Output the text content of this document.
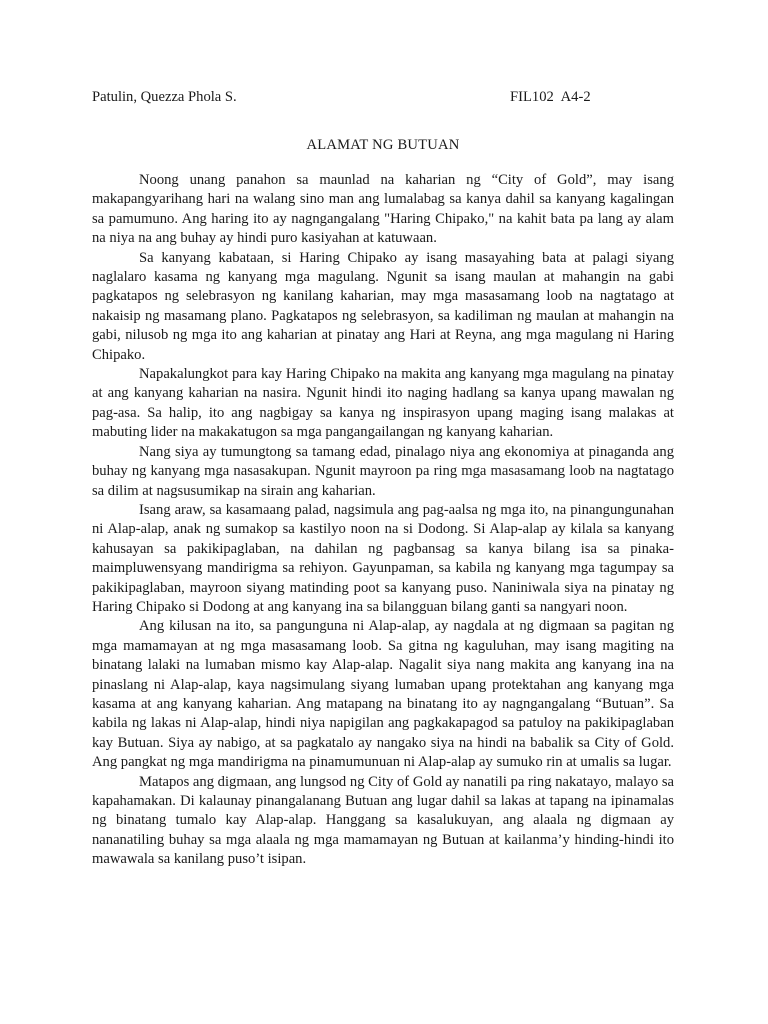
Patulin, Quezza Phola S.	FIL102 A4-2
ALAMAT NG BUTUAN

Noong unang panahon sa maunlad na kaharian ng “City of Gold”, may isang makapangyarihang hari na walang sino man ang lumalabag sa kanya dahil sa kanyang kagalingan sa pamumuno. Ang haring ito ay nagngangalang "Haring Chipako," na kahit bata pa lang ay alam na niya na ang buhay ay hindi puro kasiyahan at katuwaan.

Sa kanyang kabataan, si Haring Chipako ay isang masayahing bata at palagi siyang naglalaro kasama ng kanyang mga magulang. Ngunit sa isang maulan at mahangin na gabi pagkatapos ng selebrasyon ng kanilang kaharian, may mga masasamang loob na nagtatago at nakaisip ng masamang plano. Pagkatapos ng selebrasyon, sa kadiliman ng maulan at mahangin na gabi, nilusob ng mga ito ang kaharian at pinatay ang Hari at Reyna, ang mga magulang ni Haring Chipako.

Napakalungkot para kay Haring Chipako na makita ang kanyang mga magulang na pinatay at ang kanyang kaharian na nasira. Ngunit hindi ito naging hadlang sa kanya upang mawalan ng pag-asa. Sa halip, ito ang nagbigay sa kanya ng inspirasyon upang maging isang malakas at mabuting lider na makakatugon sa mga pangangailangan ng kanyang kaharian.

Nang siya ay tumungtong sa tamang edad, pinalago niya ang ekonomiya at pinaganda ang buhay ng kanyang mga nasasakupan. Ngunit mayroon pa ring mga masasamang loob na nagtatago sa dilim at nagsusumikap na sirain ang kaharian.

Isang araw, sa kasamaang palad, nagsimula ang pag-aalsa ng mga ito, na pinangungunahan ni Alap-alap, anak ng sumakop sa kastilyo noon na si Dodong. Si Alap-alap ay kilala sa kanyang kahusayan sa pakikipaglaban, na dahilan ng pagbansag sa kanya bilang isa sa pinaka-maimpluwensyang mandirigma sa rehiyon. Gayunpaman, sa kabila ng kanyang mga tagumpay sa pakikipaglaban, mayroon siyang matinding poot sa kanyang puso. Naniniwala siya na pinatay ng Haring Chipako si Dodong at ang kanyang ina sa bilangguan bilang ganti sa nangyari noon.

Ang kilusan na ito, sa pangunguna ni Alap-alap, ay nagdala at ng digmaan sa pagitan ng mga mamamayan at ng mga masasamang loob. Sa gitna ng kaguluhan, may isang magiting na binatang lalaki na lumaban mismo kay Alap-alap. Nagalit siya nang makita ang kanyang ina na pinaslang ni Alap-alap, kaya nagsimulang siyang lumaban upang protektahan ang kanyang mga kasama at ang kanyang kaharian. Ang matapang na binatang ito ay nagngangalang “Butuan”. Sa kabila ng lakas ni Alap-alap, hindi niya napigilan ang pagkakapagod sa patuloy na pakikipaglaban kay Butuan. Siya ay nabigo, at sa pagkatalo ay nangako siya na hindi na babalik sa City of Gold. Ang pangkat ng mga mandirigma na pinamumunuan ni Alap-alap ay sumuko rin at umalis sa lugar.

Matapos ang digmaan, ang lungsod ng City of Gold ay nanatili pa ring nakatayo, malayo sa kapahamakan. Di kalaunay pinangalanang Butuan ang lugar dahil sa lakas at tapang na ipinamalas ng binatang tumalo kay Alap-alap. Hanggang sa kasalukuyan, ang alaala ng digmaan ay nananatiling buhay sa mga alaala ng mga mamamayan ng Butuan at kailanma’y hinding-hindi ito mawawala sa kanilang puso’t isipan.
